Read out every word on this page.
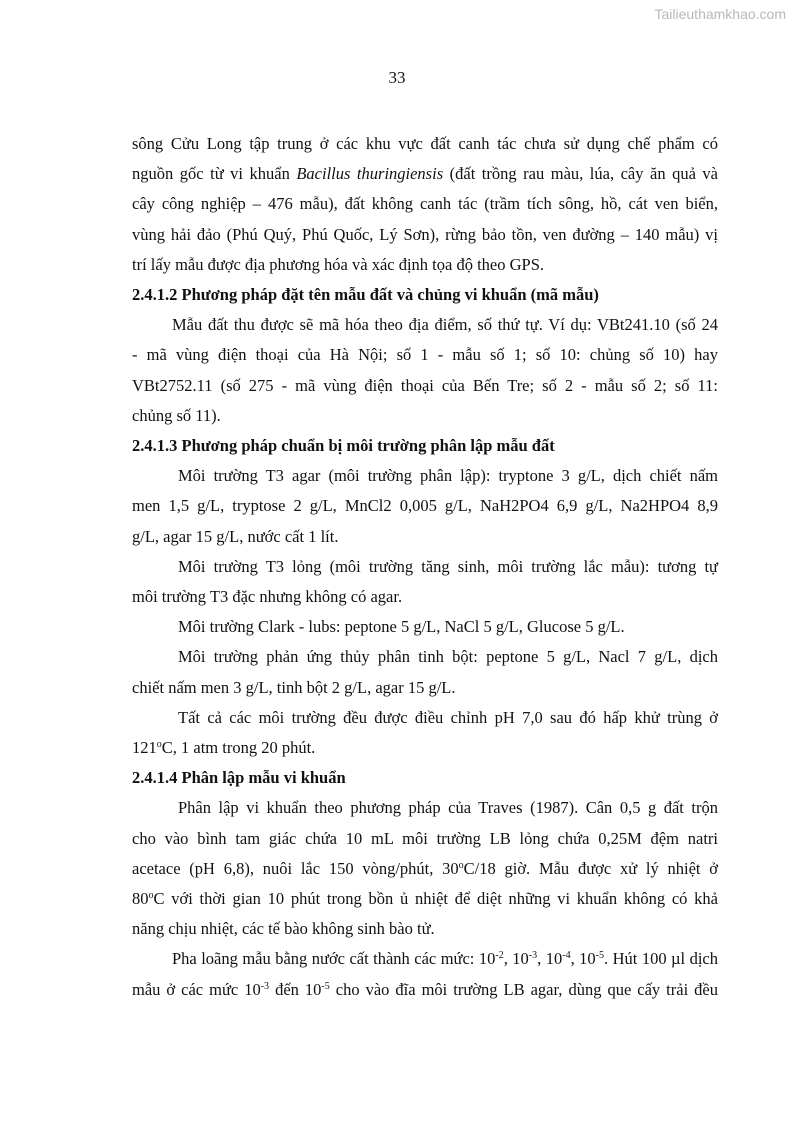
Tailieuthamkhao.com
33

sông Cửu Long tập trung ở các khu vực đất canh tác chưa sử dụng chế phẩm có

nguồn gốc từ vi khuẩn Bacillus thuringiensis (đất trồng rau màu, lúa, cây ăn quả và

cây công nghiệp – 476 mẫu), đất không canh tác (trầm tích sông, hồ, cát ven biển,

vùng hải đảo (Phú Quý, Phú Quốc, Lý Sơn), rừng bảo tồn, ven đường – 140 mẫu) vị

trí lấy mẫu được địa phương hóa và xác định tọa độ theo GPS.

2.4.1.2 Phương pháp đặt tên mẫu đất và chủng vi khuẩn (mã mẫu)

Mẫu đất thu được sẽ mã hóa theo địa điểm, số thứ tự. Ví dụ: VBt241.10 (số 24

- mã vùng điện thoại của Hà Nội; số 1 - mẫu số 1; số 10: chủng số 10) hay

VBt2752.11 (số 275 - mã vùng điện thoại của Bến Tre; số 2 - mẫu số 2; số 11:

chủng số 11).

2.4.1.3 Phương pháp chuẩn bị môi trường phân lập mẫu đất

Môi trường T3 agar (môi trường phân lập): tryptone 3 g/L, dịch chiết nấm

men 1,5 g/L, tryptose 2 g/L, MnCl2 0,005 g/L, NaH2PO4 6,9 g/L, Na2HPO4 8,9

g/L, agar 15 g/L, nước cất 1 lít.

Môi trường T3 lỏng (môi trường tăng sinh, môi trường lắc mẫu): tương tự

môi trường T3 đặc nhưng không có agar.

Môi trường Clark - lubs: peptone 5 g/L, NaCl 5 g/L, Glucose 5 g/L.

Môi trường phản ứng thủy phân tinh bột: peptone 5 g/L, Nacl 7 g/L, dịch

chiết nấm men 3 g/L, tinh bột 2 g/L, agar 15 g/L.

Tất cả các môi trường đều được điều chỉnh pH 7,0 sau đó hấp khử trùng ở

121$^o$C, 1 atm trong 20 phút.

2.4.1.4 Phân lập mẫu vi khuẩn

Phân lập vi khuẩn theo phương pháp của Traves (1987). Cân 0,5 g đất trộn

cho vào bình tam giác chứa 10 mL môi trường LB lỏng chứa 0,25M đệm natri

acetace (pH 6,8), nuôi lắc 150 vòng/phút, 30$^o$C/18 giờ. Mẫu được xử lý nhiệt ở

80$^o$C với thời gian 10 phút trong bồn ủ nhiệt để diệt những vi khuẩn không có khả

năng chịu nhiệt, các tế bào không sinh bào tử.

Pha loãng mẫu bằng nước cất thành các mức: $10^{-2}$, $10^{-3}$, $10^{-4}$, $10^{-5}$. Hút 100 µl dịch

mẫu ở các mức $10^{-3}$ đến $10^{-5}$ cho vào đĩa môi trường LB agar, dùng que cấy trải đều
